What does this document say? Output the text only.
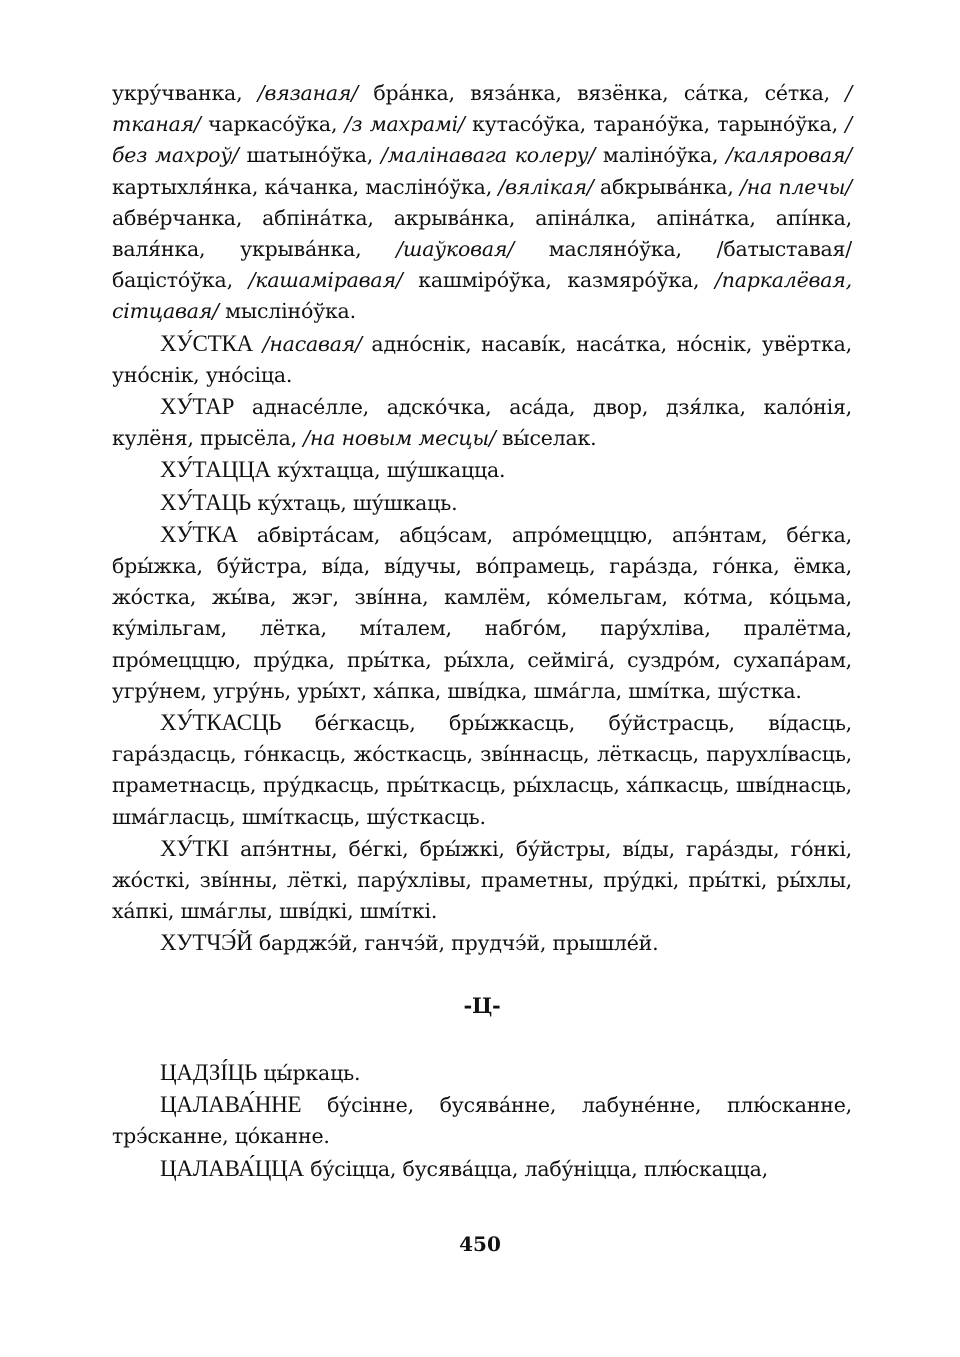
укру́чванка, /вязаная/ бра́нка, вяза́нка, вязёнка, са́тка, се́тка, /тканая/ чаркасо́ўка, /з махрамі/ кутасо́ўка, тарано́ўка, тарыно́ўка, /без махроў/ шатыно́ўка, /малінавага колеру/ маліно́ўка, /каляровая/ картыхля́нка, ка́чанка, масліно́ўка, /вялікая/ абкрыва́нка, /на плечы/ абве́рчанка, абпіна́тка, акрыва́нка, апіна́лка, апіна́тка, апі́нка, валя́нка, укрыва́нка, /шаўковая/ масляно́ўка, /батыставая/ бацісто́ўка, /кашаміравая/ кашміро́ўка, казмяро́ўка, /паркалёвая, сітцавая/ мысліно́ўка.

ХУ́СТКА /насавая/ адно́снік, насаві́к, наса́тка, но́снік, увёртка, уно́снік, уно́сіца.

ХУ́ТАР аднасе́лле, адско́чка, аса́да, двор, дзя́лка, кало́нія, кулёня, прысёла, /на новым месцы/ вы́селак.

ХУ́ТАЦЦА ку́хтацца, шу́шкацца.

ХУ́ТАЦЬ ку́хтаць, шу́шкаць.

ХУ́ТКА абвірта́сам, абцэ́сам, апро́мецццю, апэ́нтам, бе́гка, бры́жка, бу́йстра, ві́да, ві́дучы, во́прамець, гара́зда, го́нка, ёмка, жо́стка, жы́ва, жэг, зві́нна, камлём, ко́мельгам, ко́тма, ко́цьма, ку́мільгам, лётка, мі́талем, набго́м, пару́хліва, пралётма, про́мецццю, пру́дка, пры́тка, ры́хла, сейміга́, суздро́м, сухапа́рам, угру́нем, угру́нь, уры́хт, ха́пка, шві́дка, шма́гла, шмі́тка, шу́стка.

ХУ́ТКАСЦЬ бе́гкасць, бры́жкасць, бу́йстрасць, ві́дасць, гара́здасць, го́нкасць, жо́сткасць, зві́ннасць, лёткасць, парухлі́васць, праметнасць, пру́дкасць, пры́ткасць, ры́хласць, ха́пкасць, шві́днасць, шма́гласць, шмі́ткасць, шу́сткасць.

ХУ́ТКІ апэ́нтны, бе́гкі, бры́жкі, бу́йстры, ві́ды, гара́зды, го́нкі, жо́сткі, зві́нны, лёткі, пару́хлівы, праметны, пру́дкі, пры́ткі, ры́хлы, ха́пкі, шма́глы, шві́дкі, шмі́ткі.

ХУТЧЭ́Й барджэ́й, ганчэ́й, прудчэ́й, прышле́й.

-Ц-

ЦАДЗІ́ЦЬ цы́ркаць.

ЦАЛАВА́ННЕ бу́сінне, бусява́нне, лабуне́нне, плю́сканне, трэ́сканне, цо́канне.

ЦАЛАВА́ЦЦА бу́сіцца, бусява́цца, лабу́ніцца, плю́скацца,

450
